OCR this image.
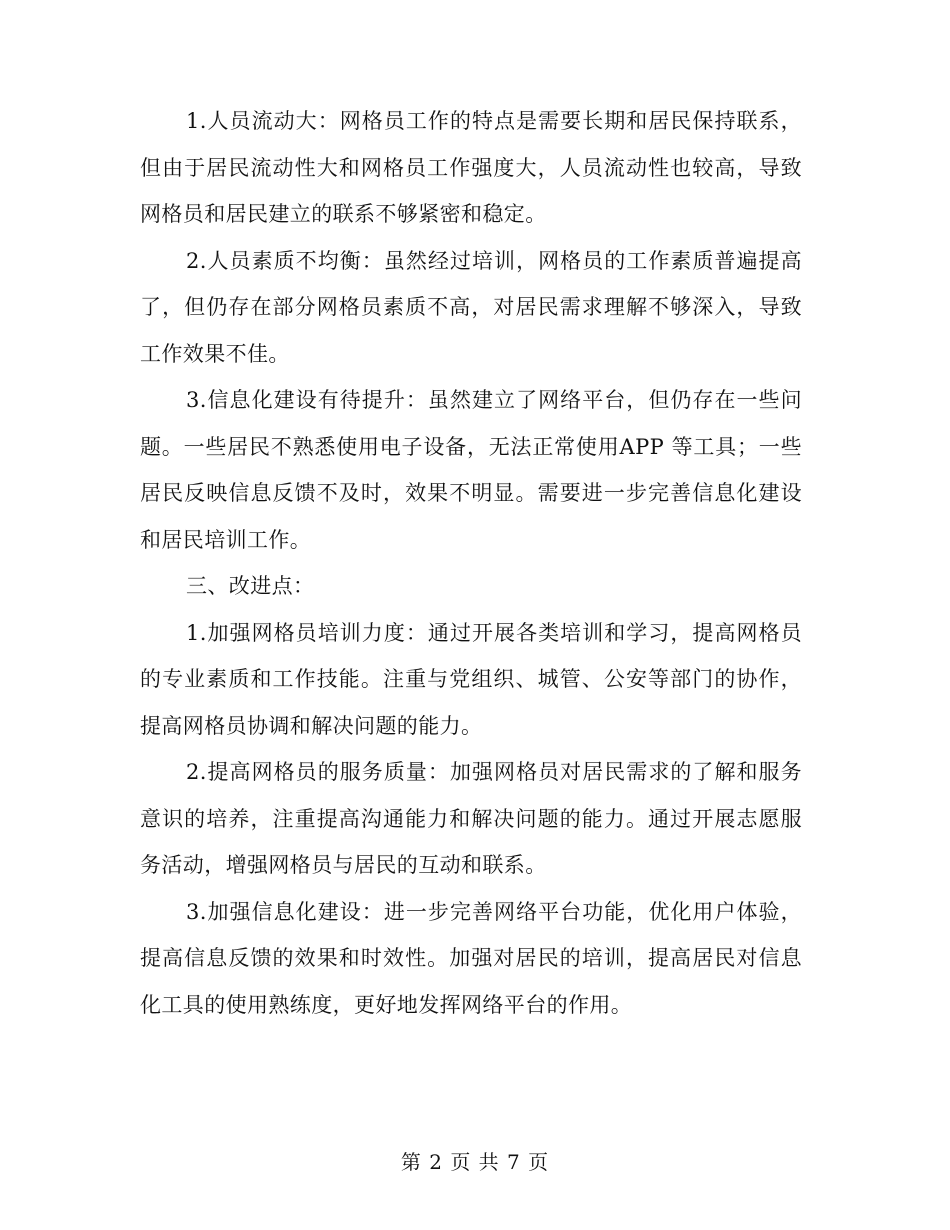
1.人员流动大：网格员工作的特点是需要长期和居民保持联系，但由于居民流动性大和网格员工作强度大，人员流动性也较高，导致网格员和居民建立的联系不够紧密和稳定。

2.人员素质不均衡：虽然经过培训，网格员的工作素质普遍提高了，但仍存在部分网格员素质不高，对居民需求理解不够深入，导致工作效果不佳。

3.信息化建设有待提升：虽然建立了网络平台，但仍存在一些问题。一些居民不熟悉使用电子设备，无法正常使用APP 等工具；一些居民反映信息反馈不及时，效果不明显。需要进一步完善信息化建设和居民培训工作。

三、改进点：

1.加强网格员培训力度：通过开展各类培训和学习，提高网格员的专业素质和工作技能。注重与党组织、城管、公安等部门的协作，提高网格员协调和解决问题的能力。

2.提高网格员的服务质量：加强网格员对居民需求的了解和服务意识的培养，注重提高沟通能力和解决问题的能力。通过开展志愿服务活动，增强网格员与居民的互动和联系。

3.加强信息化建设：进一步完善网络平台功能，优化用户体验，提高信息反馈的效果和时效性。加强对居民的培训，提高居民对信息化工具的使用熟练度，更好地发挥网络平台的作用。

第 2 页 共 7 页
